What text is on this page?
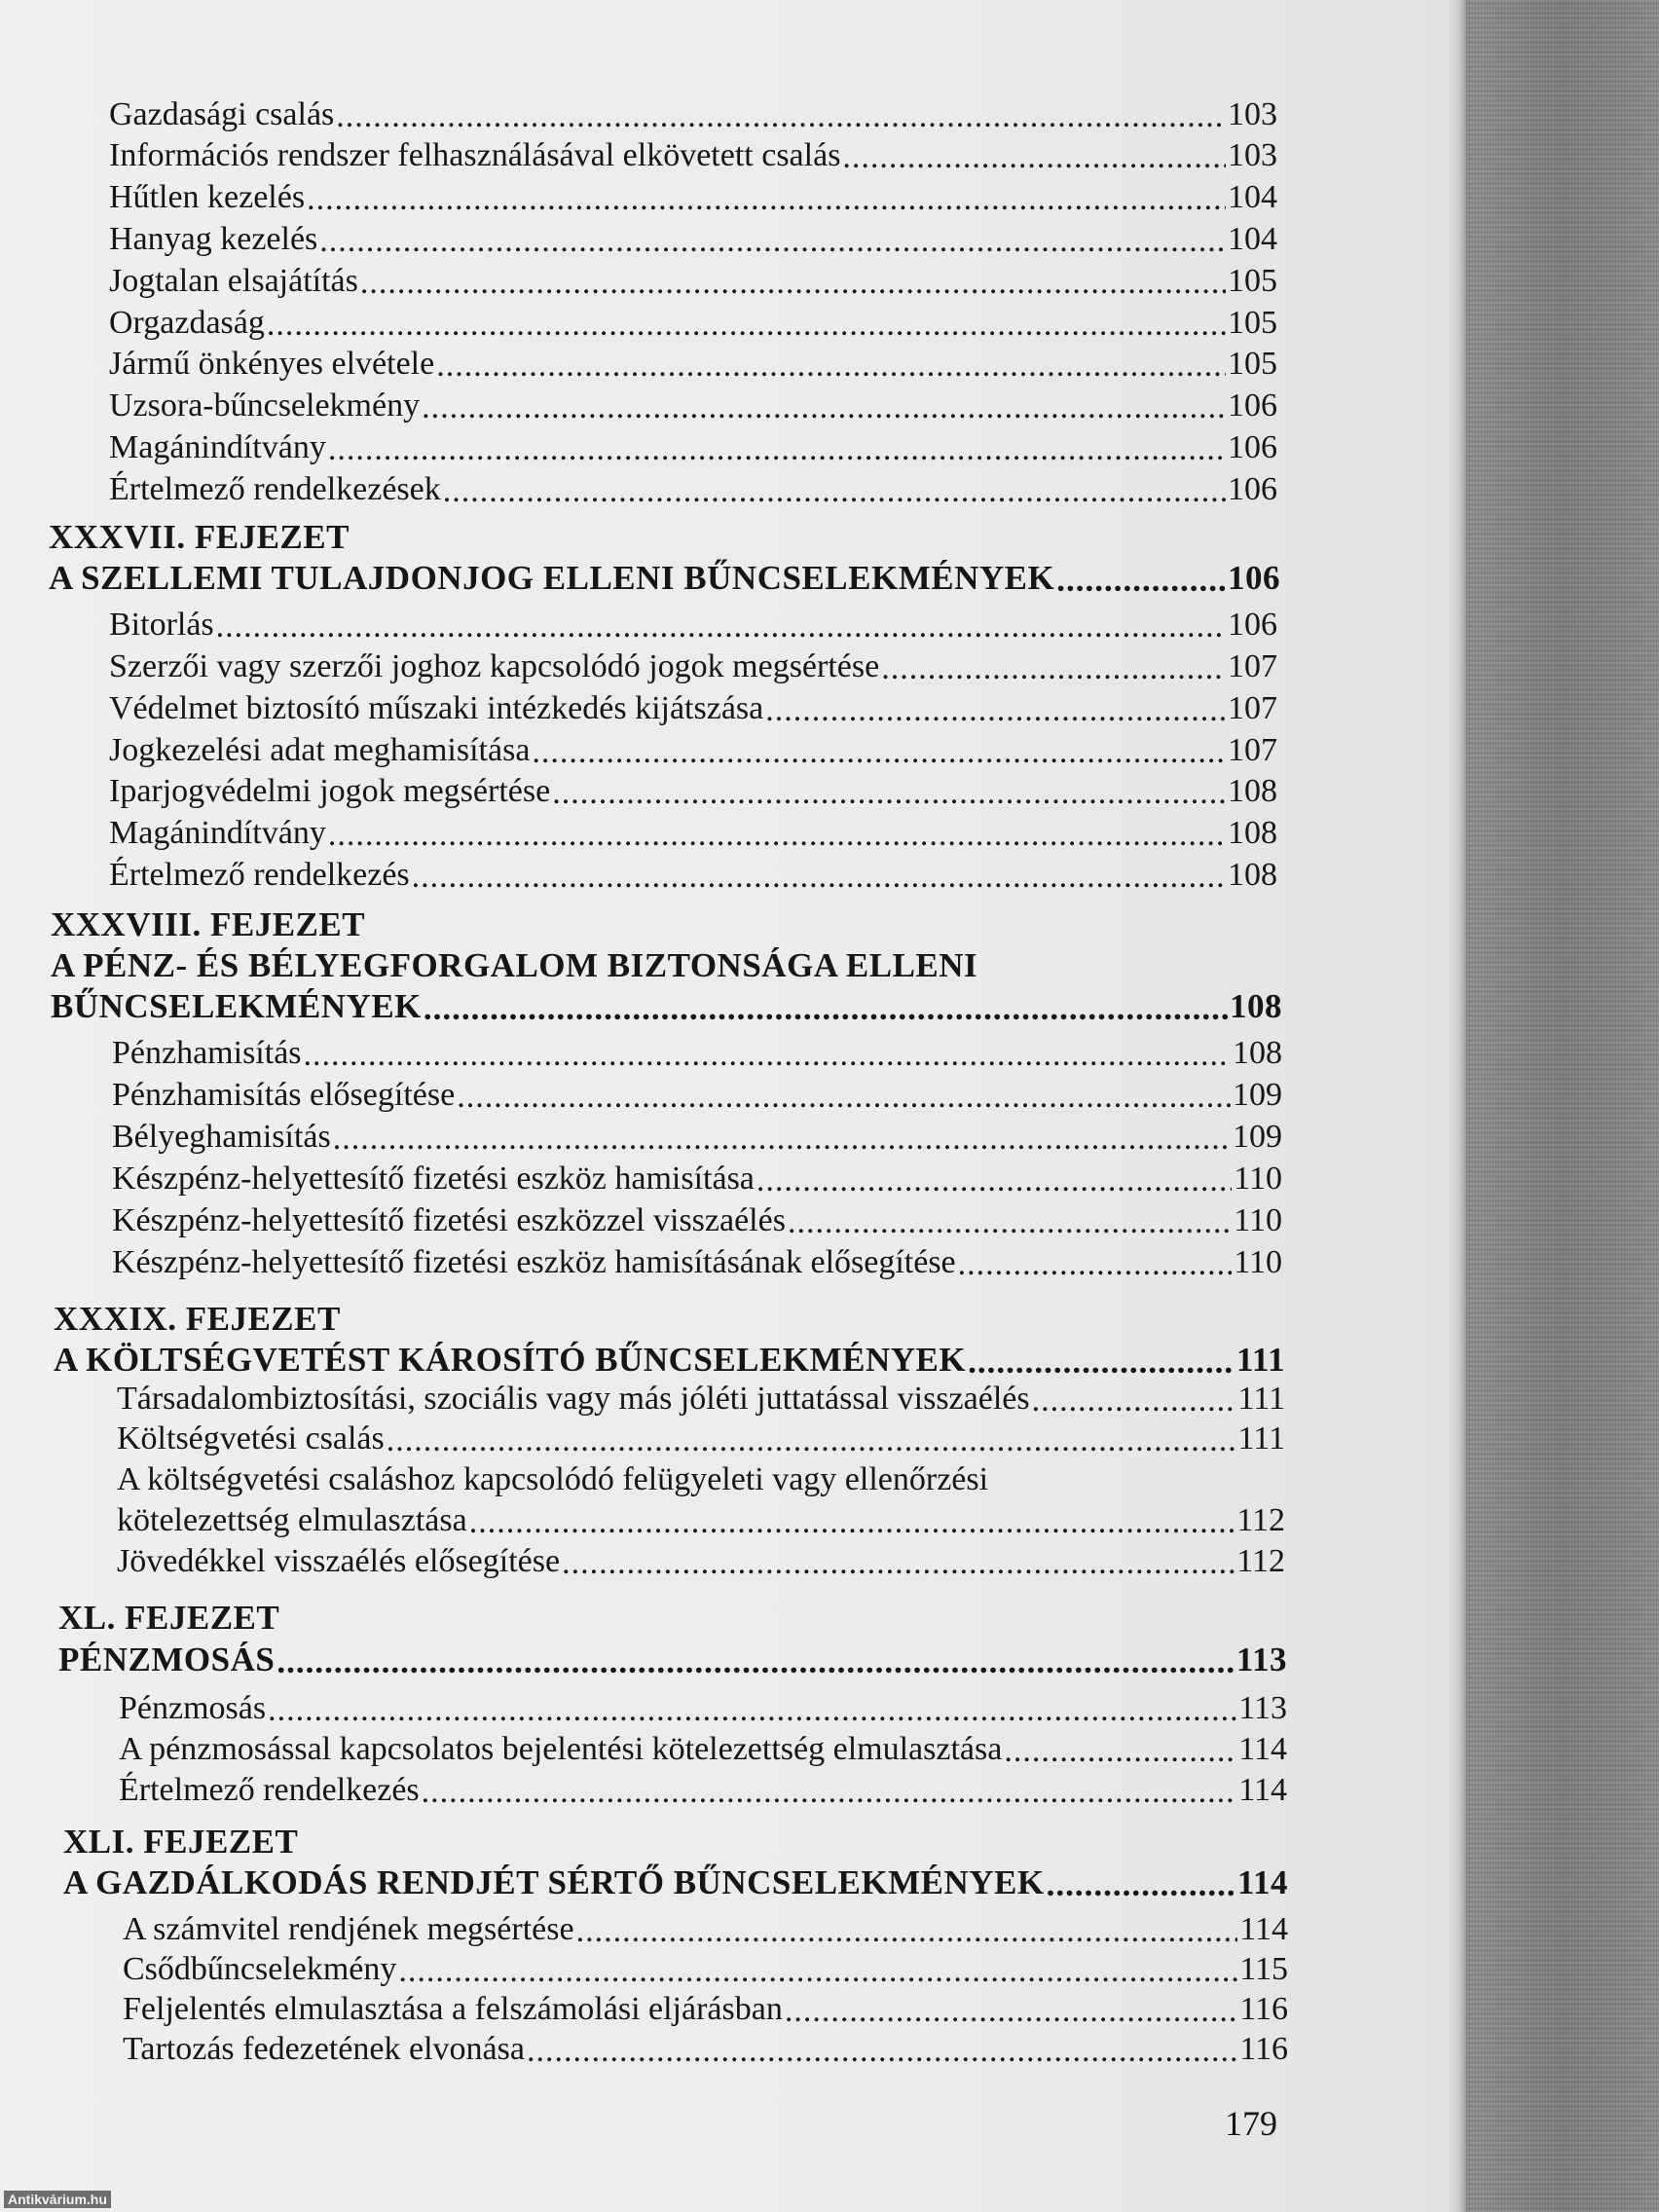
Gazdasági csalás .....	103
Információs rendszer felhasználásával elkövetett csalás .....	103
Hűtlen kezelés .....	104
Hanyag kezelés .....	104
Jogtalan elsajátítás .....	105
Orgazdaság .....	105
Jármű önkényes elvétele .....	105
Uzsora-bűncselekmény .....	106
Magánindítvány .....	106
Értelmező rendelkezések .....	106
XXXVII. FEJEZET
A SZELLEMI TULAJDONJOG ELLENI BŰNCSELEKMÉNYEK .....	106
Bitorlás .....	106
Szerzői vagy szerzői joghoz kapcsolódó jogok megsértése .....	107
Védelmet biztosító műszaki intézkedés kijátszása .....	107
Jogkezelési adat meghamisítása .....	107
Iparjogvédelmi jogok megsértése .....	108
Magánindítvány .....	108
Értelmező rendelkezés .....	108
XXXVIII. FEJEZET
A PÉNZ- ÉS BÉLYEGFORGALOM BIZTONSÁGA ELLENI
BŰNCSELEKMÉNYEK .....	108
Pénzhamisítás .....	108
Pénzhamisítás elősegítése .....	109
Bélyeghamisítás .....	109
Készpénz-helyettesítő fizetési eszköz hamisítása .....	110
Készpénz-helyettesítő fizetési eszközzel visszaélés .....	110
Készpénz-helyettesítő fizetési eszköz hamisításának elősegítése .....	110
XXXIX. FEJEZET
A KÖLTSÉGVETÉST KÁROSÍTÓ BŰNCSELEKMÉNYEK .....	111
Társadalombiztosítási, szociális vagy más jóléti juttatással visszaélés .....	111
Költségvetési csalás .....	111
A költségvetési csaláshoz kapcsolódó felügyeleti vagy ellenőrzési
kötelezettség elmulasztása .....	112
Jövedékkel visszaélés elősegítése .....	112
XL. FEJEZET
PÉNZMOSÁS .....	113
Pénzmosás .....	113
A pénzmosással kapcsolatos bejelentési kötelezettség elmulasztása .....	114
Értelmező rendelkezés .....	114
XLI. FEJEZET
A GAZDÁLKODÁS RENDJÉT SÉRTŐ BŰNCSELEKMÉNYEK .....	114
A számvitel rendjének megsértése .....	114
Csődbűncselekmény .....	115
Feljelentés elmulasztása a felszámolási eljárásban .....	116
Tartozás fedezetének elvonása .....	116
179
Antikvárium.hu
